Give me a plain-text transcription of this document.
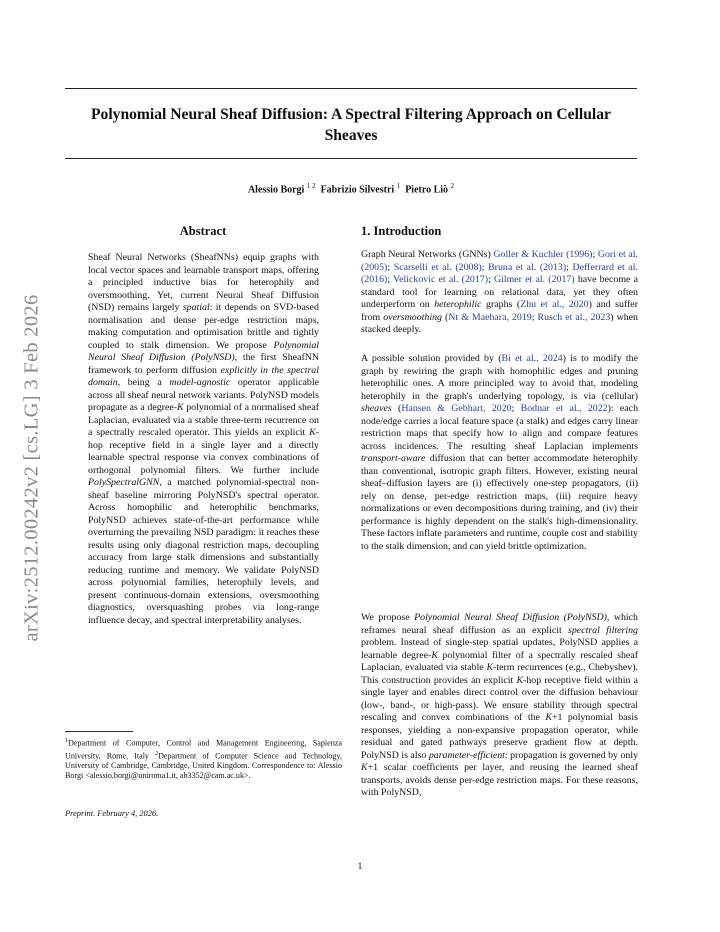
Polynomial Neural Sheaf Diffusion: A Spectral Filtering Approach on Cellular Sheaves
Alessio Borgi $^{1 2}$ Fabrizio Silvestri $^1$ Pietro Liò $^2$
arXiv:2512.00242v2 [cs.LG] 3 Feb 2026
Abstract

Sheaf Neural Networks (SheafNNs) equip graphs with local vector spaces and learnable transport maps, offering a principled inductive bias for heterophily and oversmoothing. Yet, current Neural Sheaf Diffusion (NSD) remains largely spatial: it depends on SVD-based normalisation and dense per-edge restriction maps, making computation and optimisation brittle and tightly coupled to stalk dimension. We propose Polynomial Neural Sheaf Diffusion (PolyNSD), the first SheafNN framework to perform diffusion explicitly in the spectral domain, being a model-agnostic operator applicable across all sheaf neural network variants. PolyNSD models propagate as a degree-K polynomial of a normalised sheaf Laplacian, evaluated via a stable three-term recurrence on a spectrally rescaled operator. This yields an explicit K-hop receptive field in a single layer and a directly learnable spectral response via convex combinations of orthogonal polynomial filters. We further include PolySpectralGNN, a matched polynomial-spectral non-sheaf baseline mirroring PolyNSD's spectral operator. Across homophilic and heterophilic benchmarks, PolyNSD achieves state-of-the-art performance while overturning the prevailing NSD paradigm: it reaches these results using only diagonal restriction maps, decoupling accuracy from large stalk dimensions and substantially reducing runtime and memory. We validate PolyNSD across polynomial families, heterophily levels, and present continuous-domain extensions, oversmoothing diagnostics, oversquashing probes via long-range influence decay, and spectral interpretability analyses.

$^1$Department of Computer, Control and Management Engineering, Sapienza University, Rome, Italy $^2$Department of Computer Science and Technology, University of Cambridge, Cambridge, United Kingdom. Correspondence to: Alessio Borgi <alessio.borgi@uniroma1.it, ab3352@cam.ac.uk>.

Preprint. February 4, 2026.

1. Introduction

Graph Neural Networks (GNNs) Goller & Kuchler (1996); Gori et al. (2005); Scarselli et al. (2008); Bruna et al. (2013); Defferrard et al. (2016); Velickovic et al. (2017); Gilmer et al. (2017) have become a standard tool for learning on relational data, yet they often underperform on heterophilic graphs (Zhu et al., 2020) and suffer from oversmoothing (Nt & Maehara, 2019; Rusch et al., 2023) when stacked deeply.

A possible solution provided by (Bi et al., 2024) is to modify the graph by rewiring the graph with homophilic edges and pruning heterophilic ones. A more principled way to avoid that, modeling heterophily in the graph's underlying topology, is via (cellular) sheaves (Hansen & Gebhart, 2020; Bodnar et al., 2022): each node/edge carries a local feature space (a stalk) and edges carry linear restriction maps that specify how to align and compare features across incidences. The resulting sheaf Laplacian implements transport-aware diffusion that can better accommodate heterophily than conventional, isotropic graph filters. However, existing neural sheaf–diffusion layers are (i) effectively one-step propagators, (ii) rely on dense, per-edge restriction maps, (iii) require heavy normalizations or even decompositions during training, and (iv) their performance is highly dependent on the stalk's high-dimensionality. These factors inflate parameters and runtime, couple cost and stability to the stalk dimension, and can yield brittle optimization.

We propose Polynomial Neural Sheaf Diffusion (PolyNSD), which reframes neural sheaf diffusion as an explicit spectral filtering problem. Instead of single-step spatial updates, PolyNSD applies a learnable degree-K polynomial filter of a spectrally rescaled sheaf Laplacian, evaluated via stable K-term recurrences (e.g., Chebyshev). This construction provides an explicit K-hop receptive field within a single layer and enables direct control over the diffusion behaviour (low-, band-, or high-pass). We ensure stability through spectral rescaling and convex combinations of the K+1 polynomial basis responses, yielding a non-expansive propagation operator, while residual and gated pathways preserve gradient flow at depth. PolyNSD is also parameter-efficient: propagation is governed by only K+1 scalar coefficients per layer, and reusing the learned sheaf transports, avoids dense per-edge restriction maps. For these reasons, with PolyNSD,

1
